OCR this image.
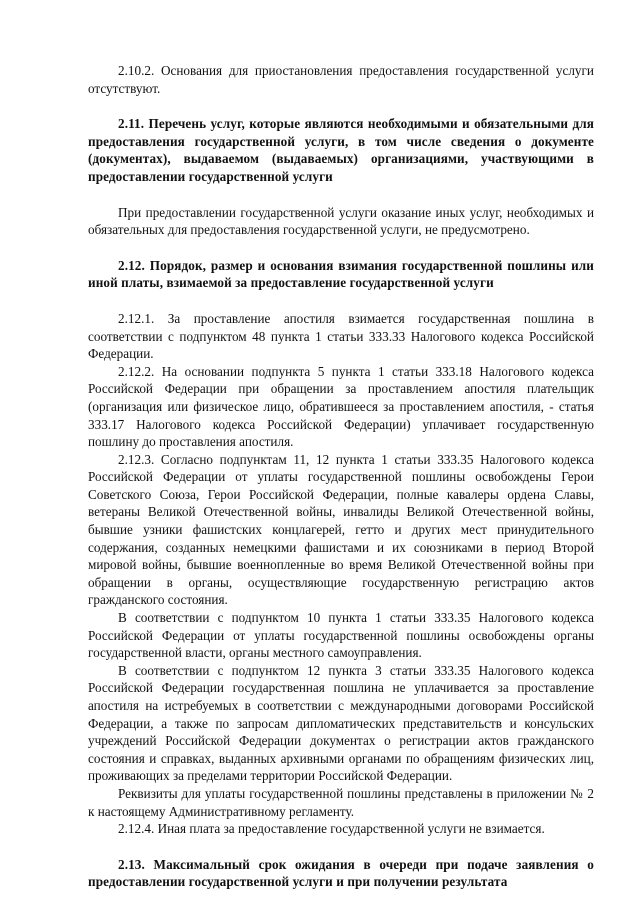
2.10.2. Основания для приостановления предоставления государственной услуги отсутствуют.

2.11. Перечень услуг, которые являются необходимыми и обязательными для предоставления государственной услуги, в том числе сведения о документе (документах), выдаваемом (выдаваемых) организациями, участвующими в предоставлении государственной услуги

При предоставлении государственной услуги оказание иных услуг, необходимых и обязательных для предоставления государственной услуги, не предусмотрено.

2.12. Порядок, размер и основания взимания государственной пошлины или иной платы, взимаемой за предоставление государственной услуги

2.12.1. За проставление апостиля взимается государственная пошлина в соответствии с подпунктом 48 пункта 1 статьи 333.33 Налогового кодекса Российской Федерации.

2.12.2. На основании подпункта 5 пункта 1 статьи 333.18 Налогового кодекса Российской Федерации при обращении за проставлением апостиля плательщик (организация или физическое лицо, обратившееся за проставлением апостиля, - статья 333.17 Налогового кодекса Российской Федерации) уплачивает государственную пошлину до проставления апостиля.

2.12.3. Согласно подпунктам 11, 12 пункта 1 статьи 333.35 Налогового кодекса Российской Федерации от уплаты государственной пошлины освобождены Герои Советского Союза, Герои Российской Федерации, полные кавалеры ордена Славы, ветераны Великой Отечественной войны, инвалиды Великой Отечественной войны, бывшие узники фашистских концлагерей, гетто и других мест принудительного содержания, созданных немецкими фашистами и их союзниками в период Второй мировой войны, бывшие военнопленные во время Великой Отечественной войны при обращении в органы, осуществляющие государственную регистрацию актов гражданского состояния.

В соответствии с подпунктом 10 пункта 1 статьи 333.35 Налогового кодекса Российской Федерации от уплаты государственной пошлины освобождены органы государственной власти, органы местного самоуправления.

В соответствии с подпунктом 12 пункта 3 статьи 333.35 Налогового кодекса Российской Федерации государственная пошлина не уплачивается за проставление апостиля на истребуемых в соответствии с международными договорами Российской Федерации, а также по запросам дипломатических представительств и консульских учреждений Российской Федерации документах о регистрации актов гражданского состояния и справках, выданных архивными органами по обращениям физических лиц, проживающих за пределами территории Российской Федерации.

Реквизиты для уплаты государственной пошлины представлены в приложении № 2 к настоящему Административному регламенту.

2.12.4. Иная плата за предоставление государственной услуги не взимается.

2.13. Максимальный срок ожидания в очереди при подаче заявления о предоставлении государственной услуги и при получении результата
